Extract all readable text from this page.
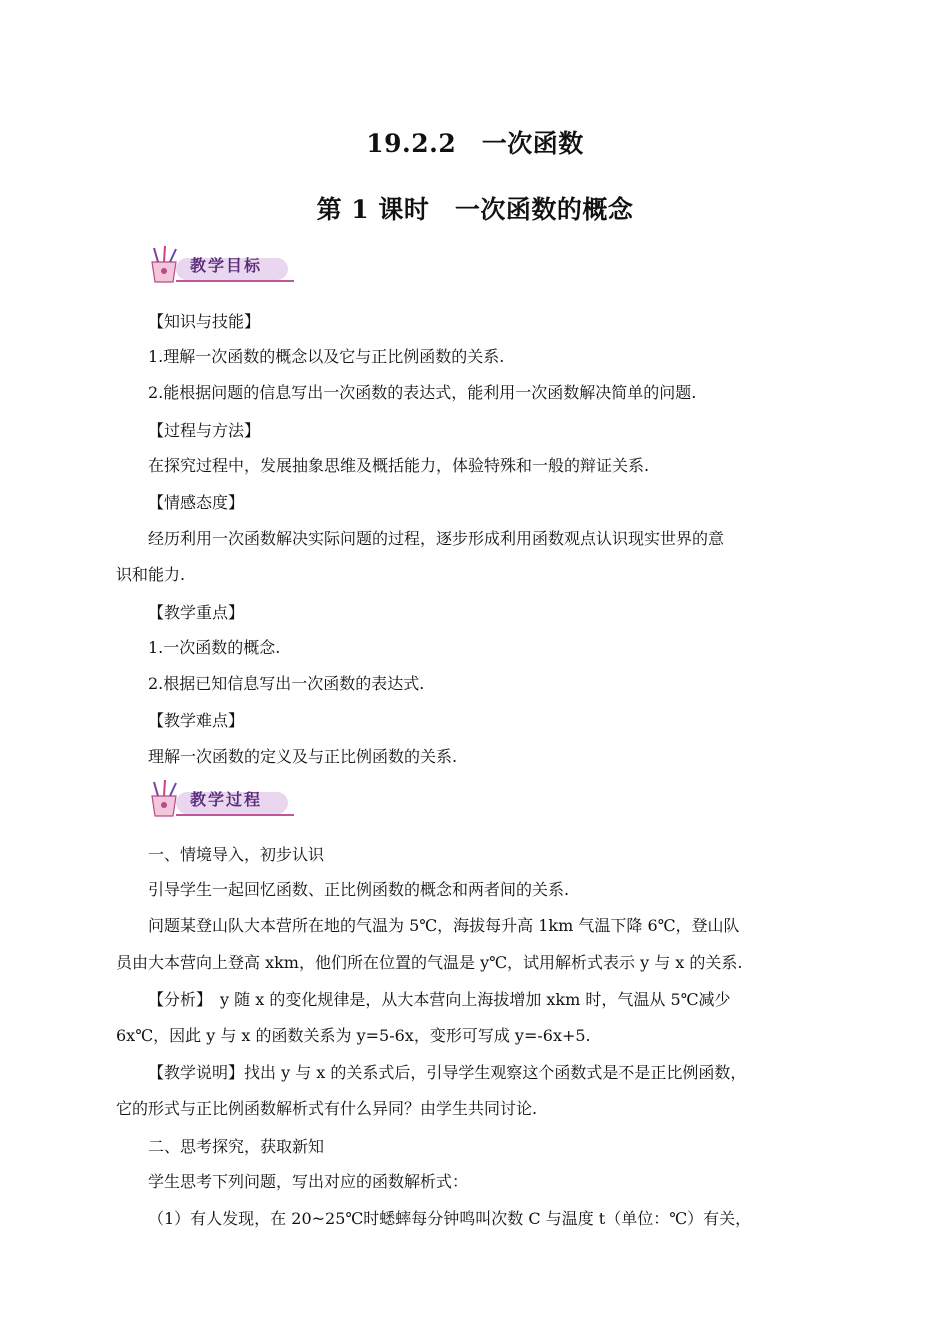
19.2.2　一次函数
第 1 课时　一次函数的概念
教学目标
【知识与技能】
1.理解一次函数的概念以及它与正比例函数的关系.
2.能根据问题的信息写出一次函数的表达式，能利用一次函数解决简单的问题.
【过程与方法】
在探究过程中，发展抽象思维及概括能力，体验特殊和一般的辩证关系.
【情感态度】
经历利用一次函数解决实际问题的过程，逐步形成利用函数观点认识现实世界的意
识和能力.
【教学重点】
1.一次函数的概念.
2.根据已知信息写出一次函数的表达式.
【教学难点】
理解一次函数的定义及与正比例函数的关系.
教学过程
一、情境导入，初步认识
引导学生一起回忆函数、正比例函数的概念和两者间的关系.
问题某登山队大本营所在地的气温为 5℃，海拔每升高 1km 气温下降 6℃，登山队
员由大本营向上登高 xkm，他们所在位置的气温是 y℃，试用解析式表示 y 与 x 的关系.
【分析】　y 随 x 的变化规律是，从大本营向上海拔增加 xkm 时，气温从 5℃减少
6x℃，因此 y 与 x 的函数关系为 y=5-6x，变形可写成 y=-6x+5.
【教学说明】找出 y 与 x 的关系式后，引导学生观察这个函数式是不是正比例函数，
它的形式与正比例函数解析式有什么异同？由学生共同讨论.
二、思考探究，获取新知
学生思考下列问题，写出对应的函数解析式：
（1）有人发现，在 20~25℃时蟋蟀每分钟鸣叫次数 C 与温度 t（单位：℃）有关，
